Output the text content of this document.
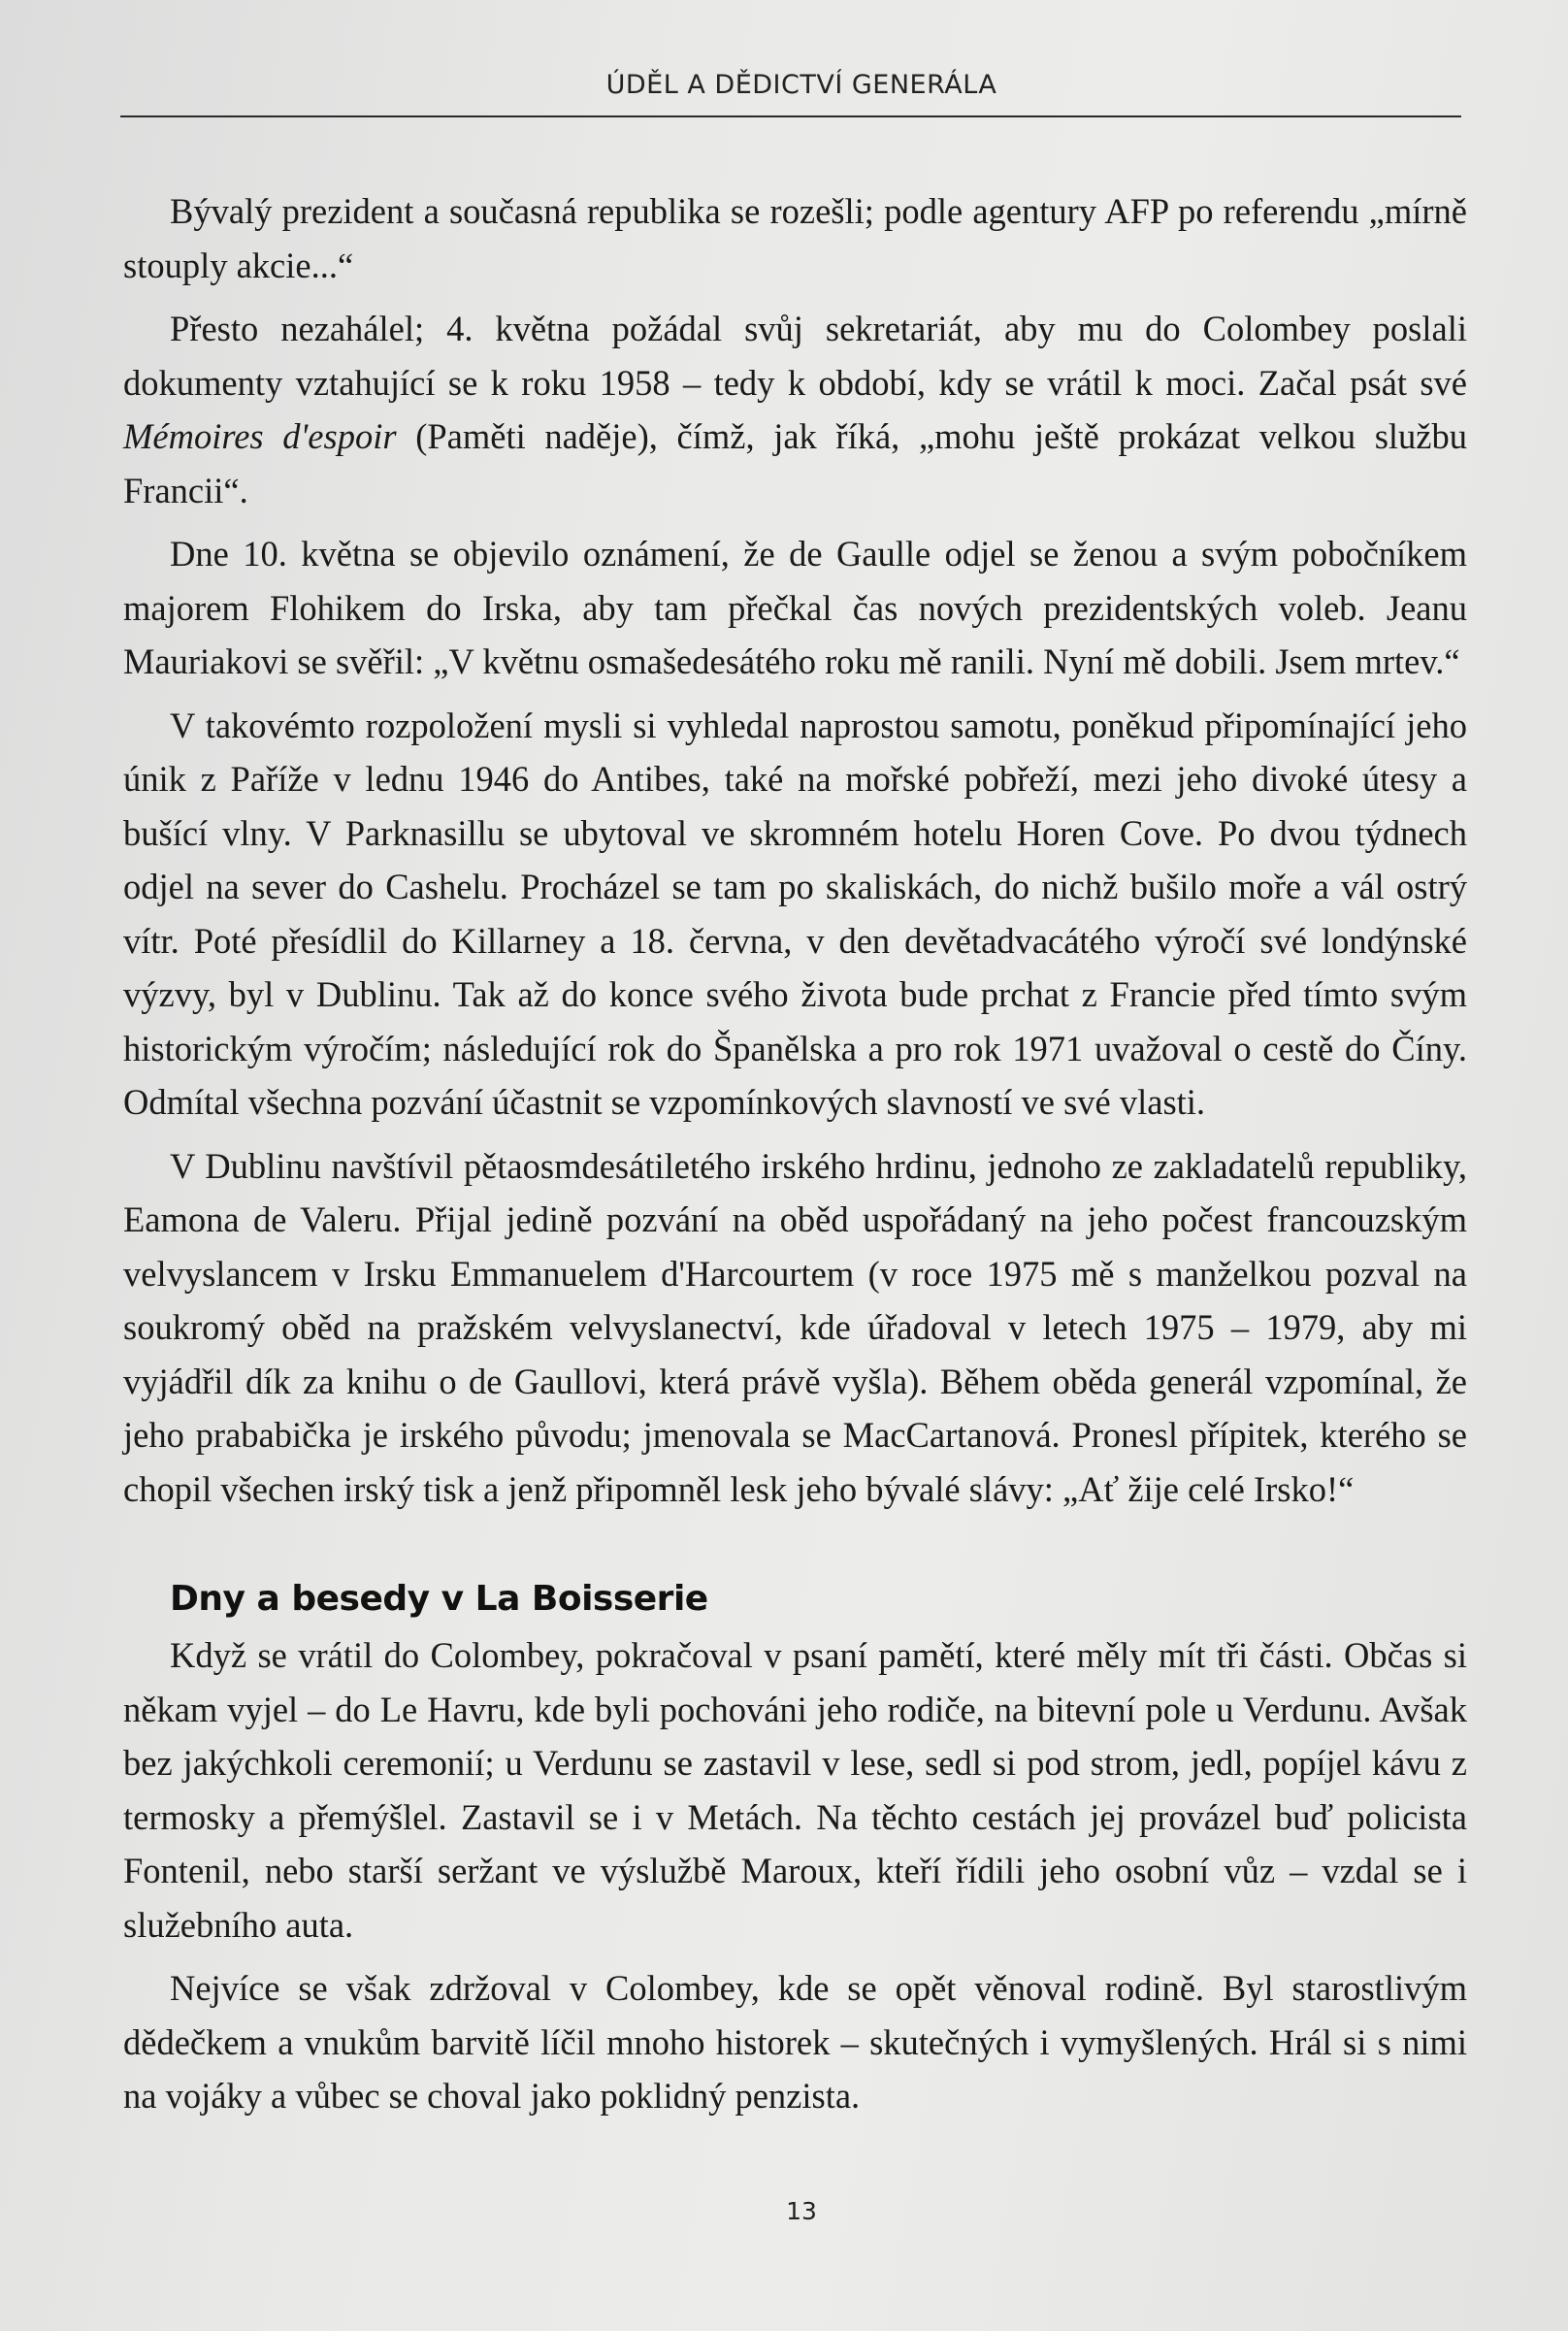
ÚDĚL A DĚDICTVÍ GENERÁLA

Bývalý prezident a současná republika se rozešli; podle agentury AFP po referendu „mírně stouply akcie...“

Přesto nezahálel; 4. května požádal svůj sekretariát, aby mu do Colombey poslali dokumenty vztahující se k roku 1958 – tedy k období, kdy se vrátil k moci. Začal psát své Mémoires d'espoir (Paměti naděje), čímž, jak říká, „mohu ještě prokázat velkou službu Francii“.

Dne 10. května se objevilo oznámení, že de Gaulle odjel se ženou a svým pobočníkem majorem Flohikem do Irska, aby tam přečkal čas nových prezidentských voleb. Jeanu Mauriakovi se svěřil: „V květnu osmašedesátého roku mě ranili. Nyní mě dobili. Jsem mrtev.“

V takovémto rozpoložení mysli si vyhledal naprostou samotu, poněkud připomínající jeho únik z Paříže v lednu 1946 do Antibes, také na mořské pobřeží, mezi jeho divoké útesy a bušící vlny. V Parknasillu se ubytoval ve skromném hotelu Horen Cove. Po dvou týdnech odjel na sever do Cashelu. Procházel se tam po skaliskách, do nichž bušilo moře a vál ostrý vítr. Poté přesídlil do Killarney a 18. června, v den devětadvacátého výročí své londýnské výzvy, byl v Dublinu. Tak až do konce svého života bude prchat z Francie před tímto svým historickým výročím; následující rok do Španělska a pro rok 1971 uvažoval o cestě do Číny. Odmítal všechna pozvání účastnit se vzpomínkových slavností ve své vlasti.

V Dublinu navštívil pětaosmdesátiletého irského hrdinu, jednoho ze zakladatelů republiky, Eamona de Valeru. Přijal jedině pozvání na oběd uspořádaný na jeho počest francouzským velvyslancem v Irsku Emmanuelem d'Harcourtem (v roce 1975 mě s manželkou pozval na soukromý oběd na pražském velvyslanectví, kde úřadoval v letech 1975 – 1979, aby mi vyjádřil dík za knihu o de Gaullovi, která právě vyšla). Během oběda generál vzpomínal, že jeho prababička je irského původu; jmenovala se MacCartanová. Pronesl přípitek, kterého se chopil všechen irský tisk a jenž připomněl lesk jeho bývalé slávy: „Ať žije celé Irsko!“

Dny a besedy v La Boisserie

Když se vrátil do Colombey, pokračoval v psaní pamětí, které měly mít tři části. Občas si někam vyjel – do Le Havru, kde byli pochováni jeho rodiče, na bitevní pole u Verdunu. Avšak bez jakýchkoli ceremonií; u Verdunu se zastavil v lese, sedl si pod strom, jedl, popíjel kávu z termosky a přemýšlel. Zastavil se i v Metách. Na těchto cestách jej provázel buď policista Fontenil, nebo starší seržant ve výslužbě Maroux, kteří řídili jeho osobní vůz – vzdal se i služebního auta.

Nejvíce se však zdržoval v Colombey, kde se opět věnoval rodině. Byl starostlivým dědečkem a vnukům barvitě líčil mnoho historek – skutečných i vymyšlených. Hrál si s nimi na vojáky a vůbec se choval jako poklidný penzista.

13
